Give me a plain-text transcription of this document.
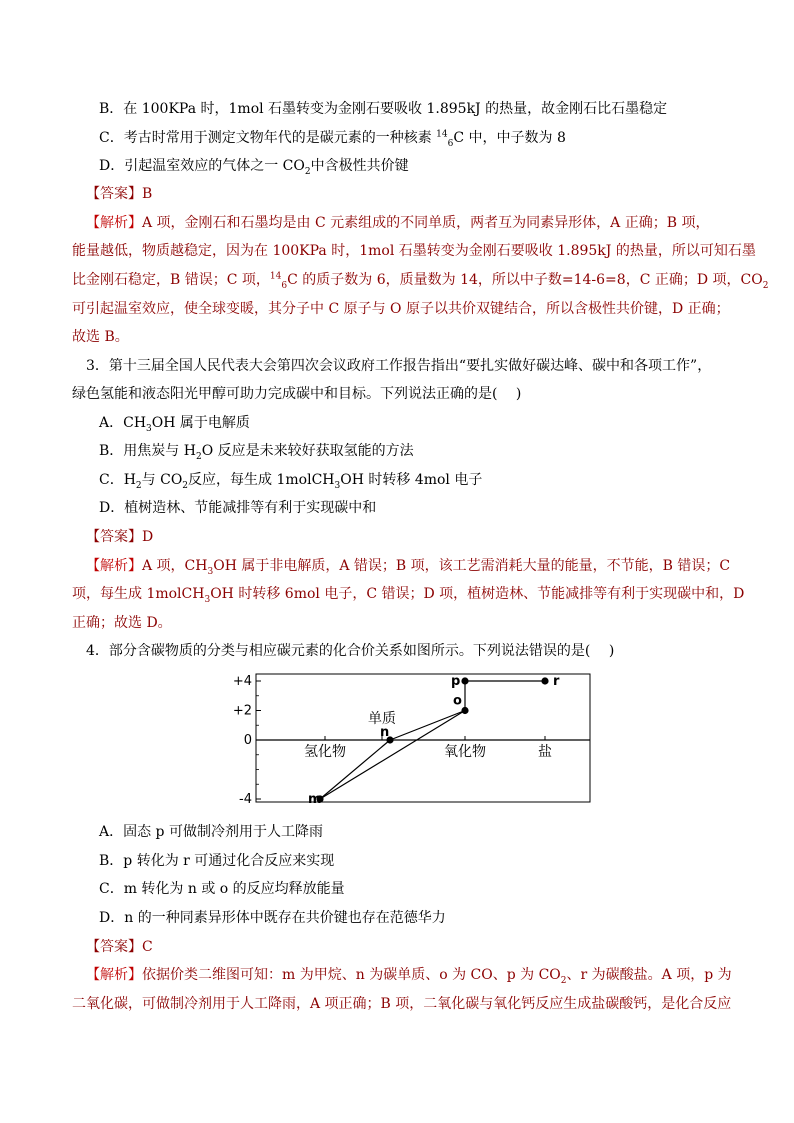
B．在 100KPa 时，1mol 石墨转变为金刚石要吸收 1.895kJ 的热量，故金刚石比石墨稳定
C．考古时常用于测定文物年代的是碳元素的一种核素 $^{14}_6$C 中，中子数为 8
D．引起温室效应的气体之一 $CO_2$中含极性共价键
【答案】B
【解析】A 项，金刚石和石墨均是由 C 元素组成的不同单质，两者互为同素异形体，A 正确；B 项，
能量越低，物质越稳定，因为在 100KPa 时，1mol 石墨转变为金刚石要吸收 1.895kJ 的热量，所以可知石墨
比金刚石稳定，B 错误；C 项，$^{14}_6$C 的质子数为 6，质量数为 14，所以中子数=14-6=8，C 正确；D 项，$CO_2$
可引起温室效应，使全球变暖，其分子中 C 原子与 O 原子以共价双键结合，所以含极性共价键，D 正确；
故选 B。
3．第十三届全国人民代表大会第四次会议政府工作报告指出“要扎实做好碳达峰、碳中和各项工作”，
绿色氢能和液态阳光甲醇可助力完成碳中和目标。下列说法正确的是(　 )
A．$CH_3OH$ 属于电解质
B．用焦炭与 $H_2O$ 反应是未来较好获取氢能的方法
C．$H_2$与 $CO_2$反应，每生成 1molCH$_3$OH 时转移 4mol 电子
D．植树造林、节能减排等有利于实现碳中和
【答案】D
【解析】A 项，$CH_3OH$ 属于非电解质，A 错误；B 项，该工艺需消耗大量的能量，不节能，B 错误；C
项，每生成 1molCH$_3$OH 时转移 6mol 电子，C 错误；D 项，植树造林、节能减排等有利于实现碳中和，D
正确；故选 D。
4．部分含碳物质的分类与相应碳元素的化合价关系如图所示。下列说法错误的是(　 )
+4
+2
0
-4
氢化物
单质
氧化物	盐
m
n
o
p	r
A．固态 p 可做制冷剂用于人工降雨
B．p 转化为 r 可通过化合反应来实现
C．m 转化为 n 或 o 的反应均释放能量
D．n 的一种同素异形体中既存在共价键也存在范德华力
【答案】C
【解析】依据价类二维图可知：m 为甲烷、n 为碳单质、o 为 CO、p 为 $CO_2$、r 为碳酸盐。A 项，p 为
二氧化碳，可做制冷剂用于人工降雨，A 项正确；B 项，二氧化碳与氧化钙反应生成盐碳酸钙，是化合反应
